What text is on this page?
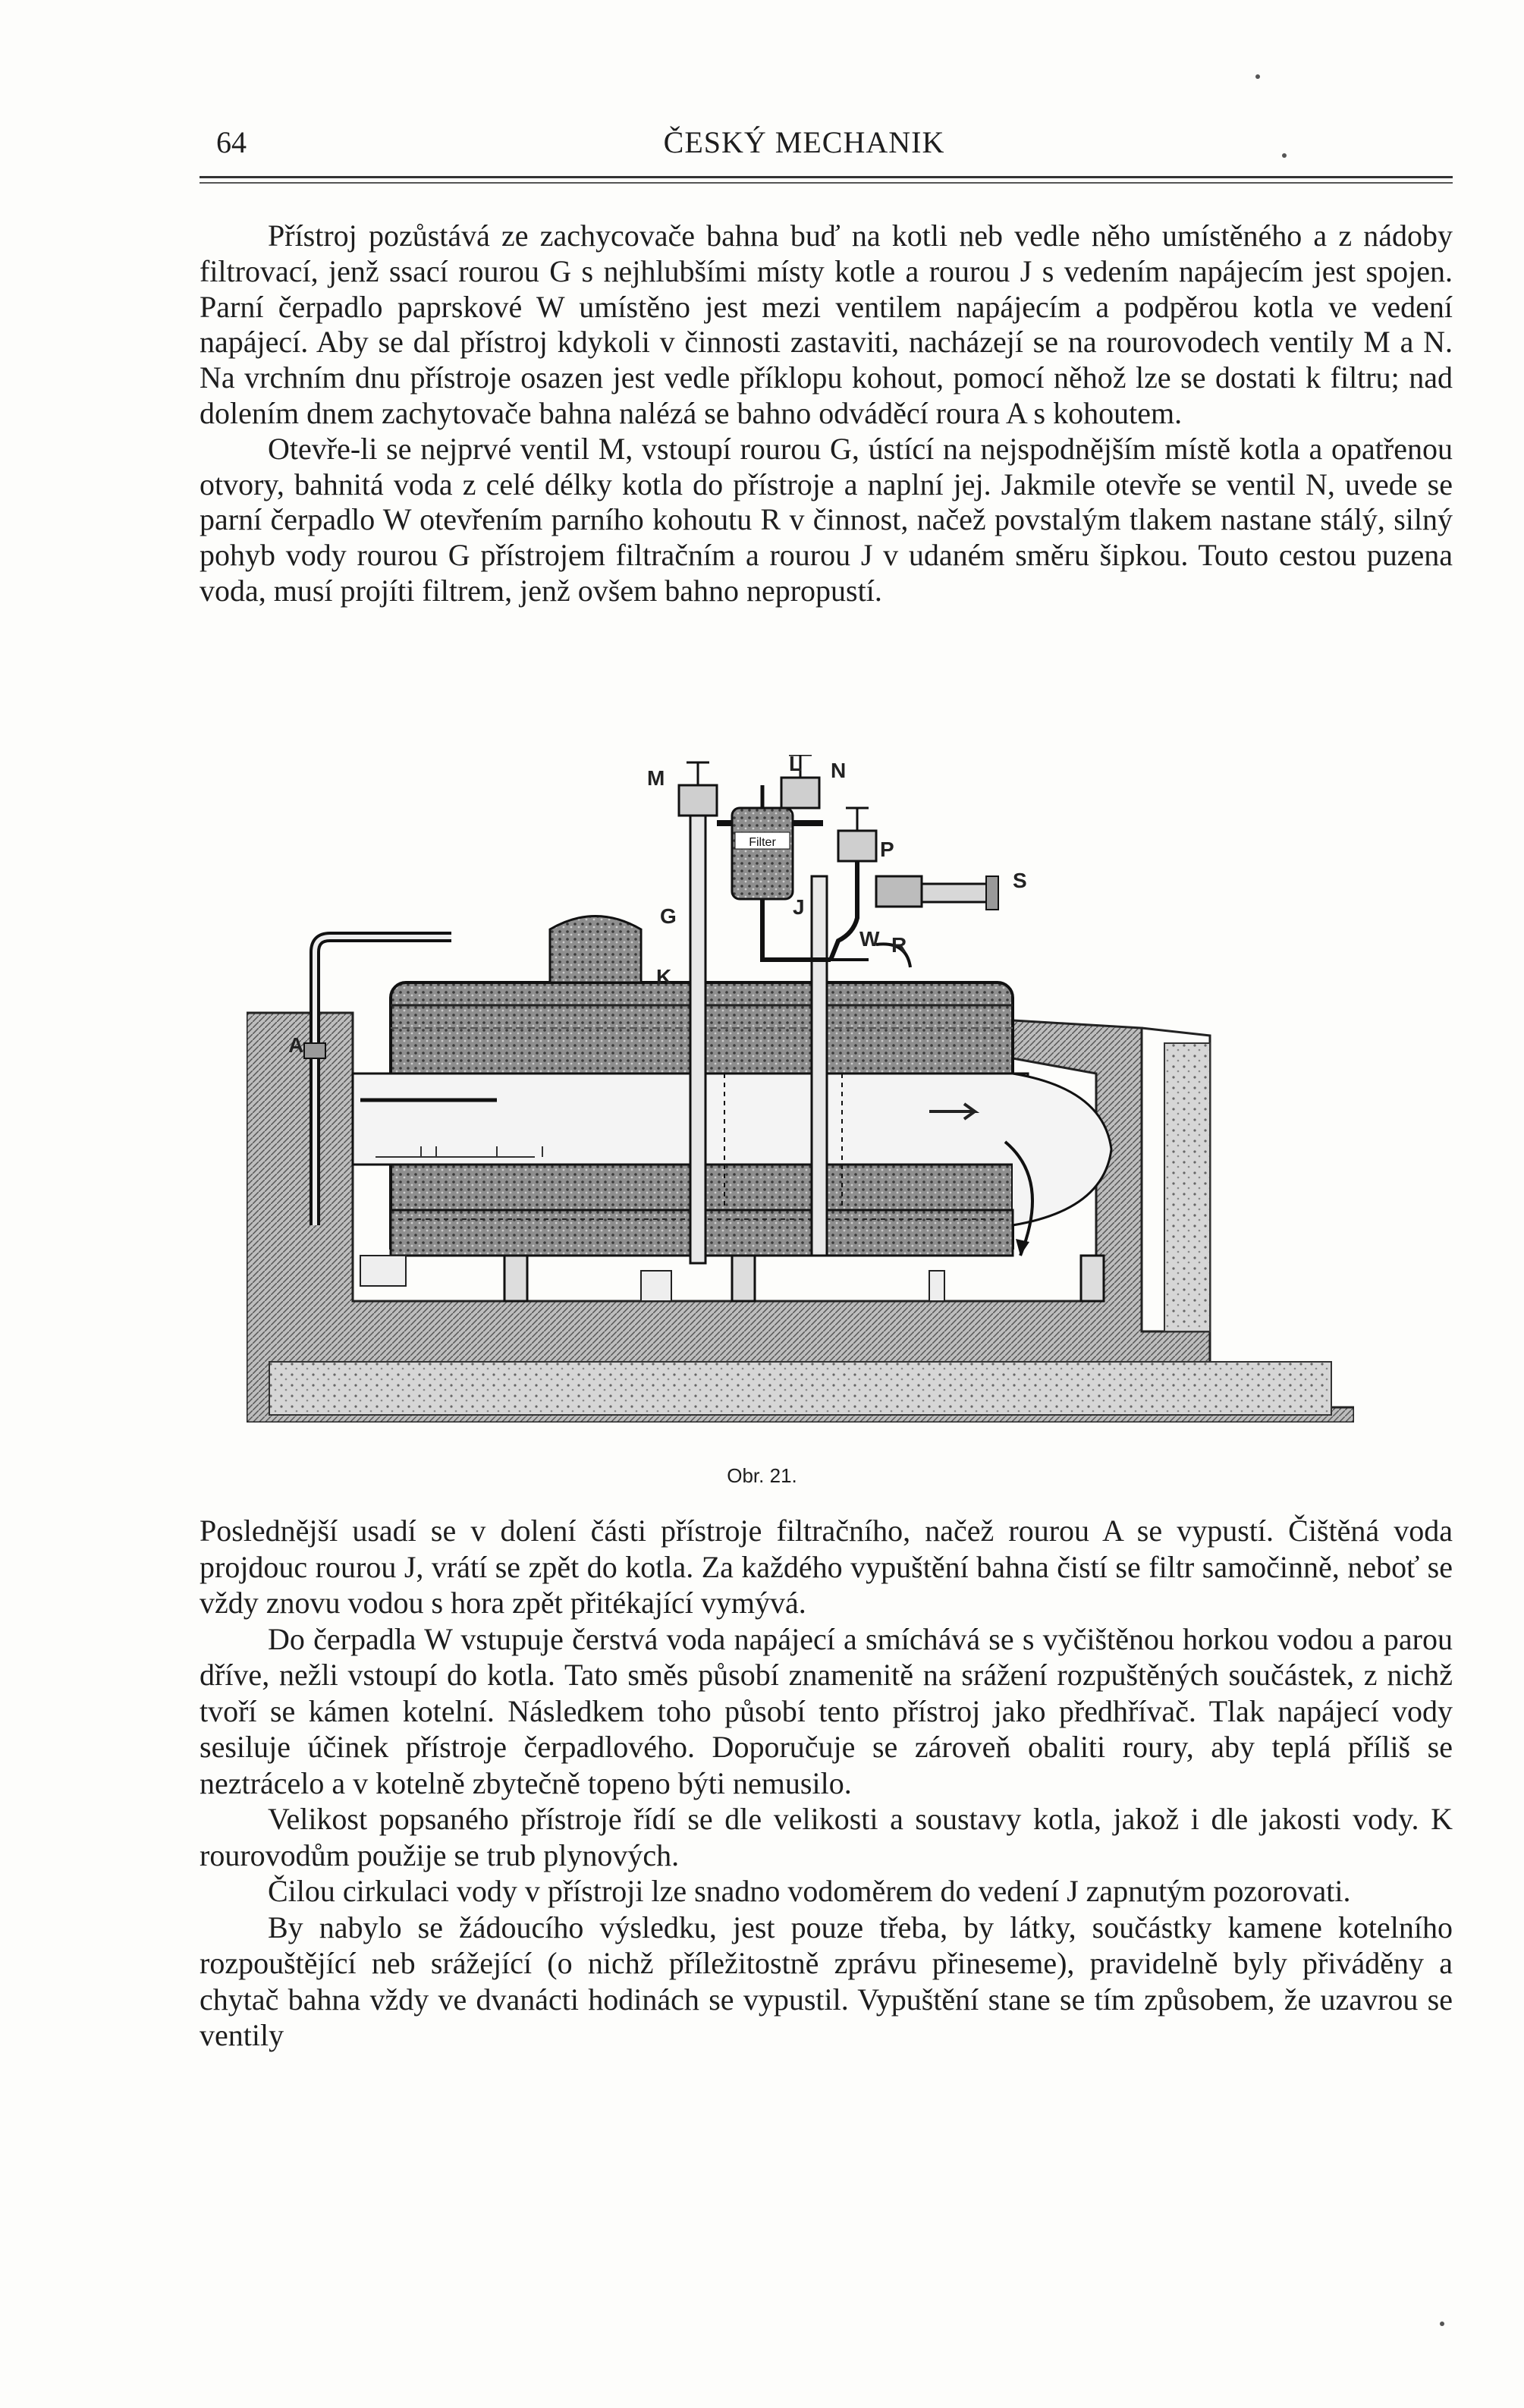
64	ČESKÝ MECHANIK

Přístroj pozůstává ze zachycovače bahna buď na kotli neb vedle něho umístěného a z nádoby filtrovací, jenž ssací rourou G s nejhlubšími místy kotle a rourou J s vedením napájecím jest spojen. Parní čerpadlo paprskové W umístěno jest mezi ventilem napájecím a podpěrou kotla ve vedení napájecí. Aby se dal přístroj kdykoli v činnosti zastaviti, nacházejí se na rourovodech ventily M a N. Na vrchním dnu přístroje osazen jest vedle příklopu kohout, pomocí něhož lze se dostati k filtru; nad dolením dnem zachytovače bahna nalézá se bahno odváděcí roura A s kohoutem.

Otevře-li se nejprvé ventil M, vstoupí rourou G, ústící na nejspodnějším místě kotla a opatřenou otvory, bahnitá voda z celé délky kotla do přístroje a naplní jej. Jakmile otevře se ventil N, uvede se parní čerpadlo W otevřením parního kohoutu R v činnost, načež povstalým tlakem nastane stálý, silný pohyb vody rourou G přístrojem filtračním a rourou J v udaném směru šipkou. Touto cestou puzena voda, musí projíti filtrem, jenž ovšem bahno nepropustí.

Filter
L
M	N
P
S
G	J
W R
K
A
Obr. 21.

Poslednější usadí se v dolení části přístroje filtračního, načež rourou A se vypustí. Čištěná voda projdouc rourou J, vrátí se zpět do kotla. Za každého vypuštění bahna čistí se filtr samočinně, neboť se vždy znovu vodou s hora zpět přitékající vymývá.

Do čerpadla W vstupuje čerstvá voda napájecí a smíchává se s vyčištěnou horkou vodou a parou dříve, nežli vstoupí do kotla. Tato směs působí znamenitě na srážení rozpuštěných součástek, z nichž tvoří se kámen kotelní. Následkem toho působí tento přístroj jako předhřívač. Tlak napájecí vody sesiluje účinek přístroje čerpadlového. Doporučuje se zároveň obaliti roury, aby teplá příliš se neztrácelo a v kotelně zbytečně topeno býti nemusilo.

Velikost popsaného přístroje řídí se dle velikosti a soustavy kotla, jakož i dle jakosti vody. K rourovodům použije se trub plynových.

Čilou cirkulaci vody v přístroji lze snadno vodoměrem do vedení J zapnutým pozorovati.

By nabylo se žádoucího výsledku, jest pouze třeba, by látky, součástky kamene kotelního rozpouštějící neb srážející (o nichž příležitostně zprávu přineseme), pravidelně byly přiváděny a chytač bahna vždy ve dvanácti hodinách se vypustil. Vypuštění stane se tím způsobem, že uzavrou se ventily
